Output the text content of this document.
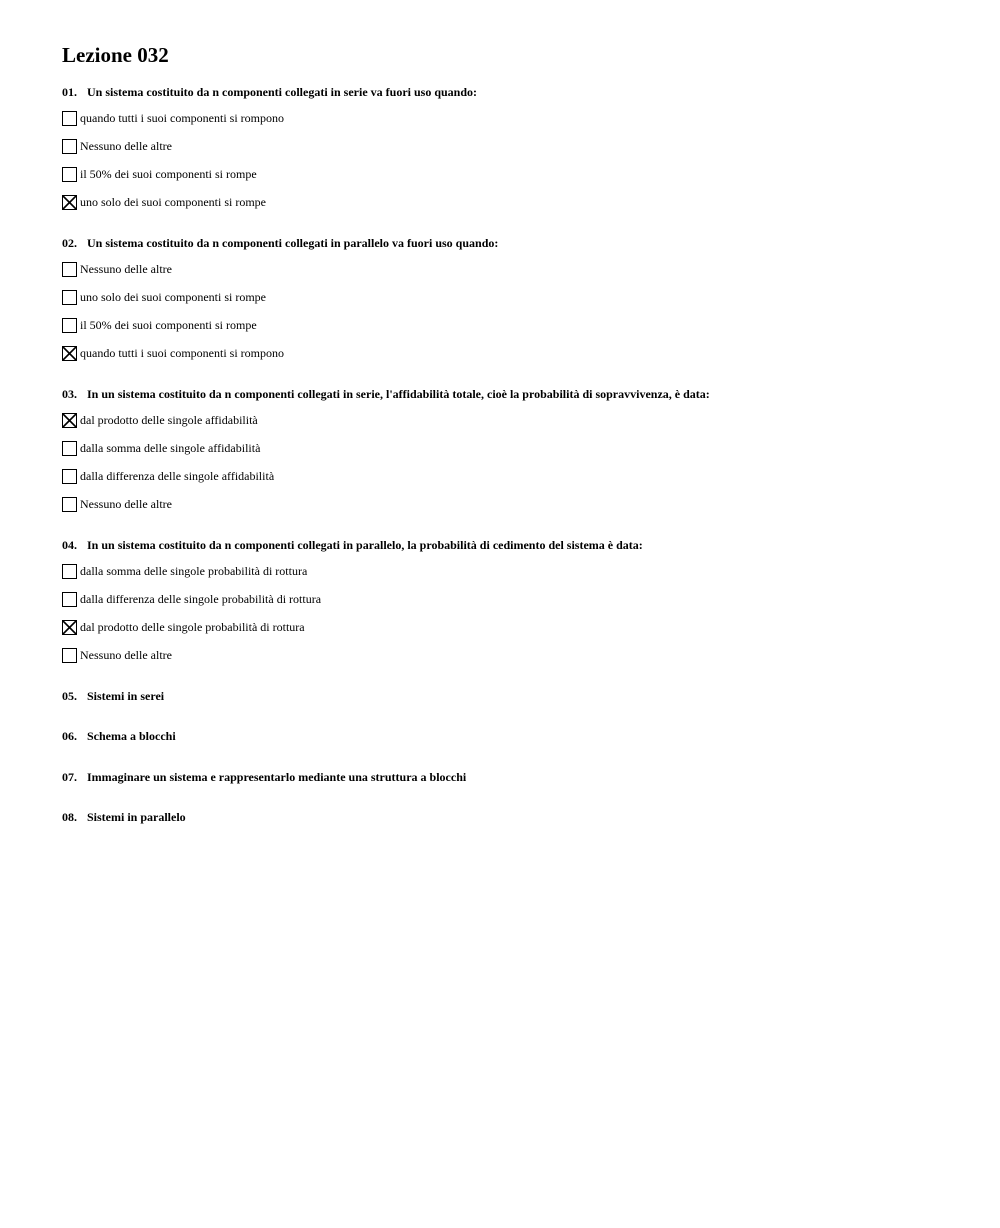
Lezione 032
01. Un sistema costituito da n componenti collegati in serie va fuori uso quando:
quando tutti i suoi componenti si rompono
Nessuno delle altre
il 50% dei suoi componenti si rompe
uno solo dei suoi componenti si rompe
02. Un sistema costituito da n componenti collegati in parallelo va fuori uso quando:
Nessuno delle altre
uno solo dei suoi componenti si rompe
il 50% dei suoi componenti si rompe
quando tutti i suoi componenti si rompono
03. In un sistema costituito da n componenti collegati in serie, l'affidabilità totale, cioè la probabilità di sopravvivenza, è data:
dal prodotto delle singole affidabilità
dalla somma delle singole affidabilità
dalla differenza delle singole affidabilità
Nessuno delle altre
04. In un sistema costituito da n componenti collegati in parallelo, la probabilità di cedimento del sistema è data:
dalla somma delle singole probabilità di rottura
dalla differenza delle singole probabilità di rottura
dal prodotto delle singole probabilità di rottura
Nessuno delle altre
05. Sistemi in serei
06. Schema a blocchi
07. Immaginare un sistema e rappresentarlo mediante una struttura a blocchi
08. Sistemi in parallelo
